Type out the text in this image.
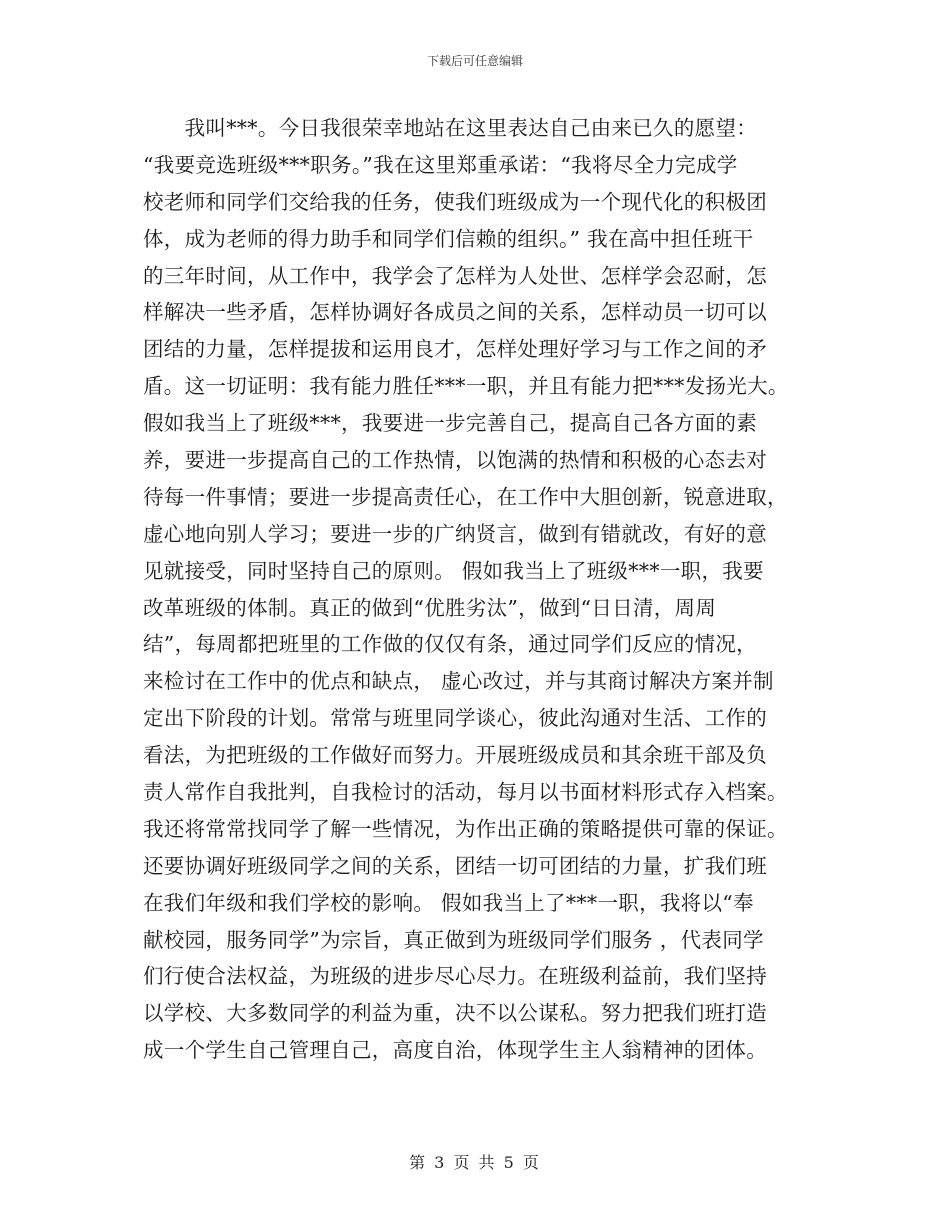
下载后可任意编辑
　　我叫***。今日我很荣幸地站在这里表达自己由来已久的愿望：
“我要竞选班级***职务。”我在这里郑重承诺：“我将尽全力完成学
校老师和同学们交给我的任务，使我们班级成为一个现代化的积极团
体，成为老师的得力助手和同学们信赖的组织。” 我在高中担任班干
的三年时间，从工作中，我学会了怎样为人处世、怎样学会忍耐，怎
样解决一些矛盾，怎样协调好各成员之间的关系，怎样动员一切可以
团结的力量，怎样提拔和运用良才，怎样处理好学习与工作之间的矛
盾。这一切证明：我有能力胜任***一职，并且有能力把***发扬光大。
假如我当上了班级***，我要进一步完善自己，提高自己各方面的素
养，要进一步提高自己的工作热情，以饱满的热情和积极的心态去对
待每一件事情；要进一步提高责任心，在工作中大胆创新，锐意进取，
虚心地向别人学习；要进一步的广纳贤言，做到有错就改，有好的意
见就接受，同时坚持自己的原则。 假如我当上了班级***一职，我要
改革班级的体制。真正的做到“优胜劣汰”，做到“日日清，周周
结”，每周都把班里的工作做的仅仅有条，通过同学们反应的情况，
来检讨在工作中的优点和缺点， 虚心改过，并与其商讨解决方案并制
定出下阶段的计划。常常与班里同学谈心，彼此沟通对生活、工作的
看法，为把班级的工作做好而努力。开展班级成员和其余班干部及负
责人常作自我批判，自我检讨的活动，每月以书面材料形式存入档案。
我还将常常找同学了解一些情况，为作出正确的策略提供可靠的保证。
还要协调好班级同学之间的关系，团结一切可团结的力量，扩我们班
在我们年级和我们学校的影响。 假如我当上了***一职，我将以“奉
献校园，服务同学”为宗旨，真正做到为班级同学们服务 ，代表同学
们行使合法权益，为班级的进步尽心尽力。在班级利益前，我们坚持
以学校、大多数同学的利益为重，决不以公谋私。努力把我们班打造
成一个学生自己管理自己，高度自治，体现学生主人翁精神的团体。
第 3 页 共 5 页
